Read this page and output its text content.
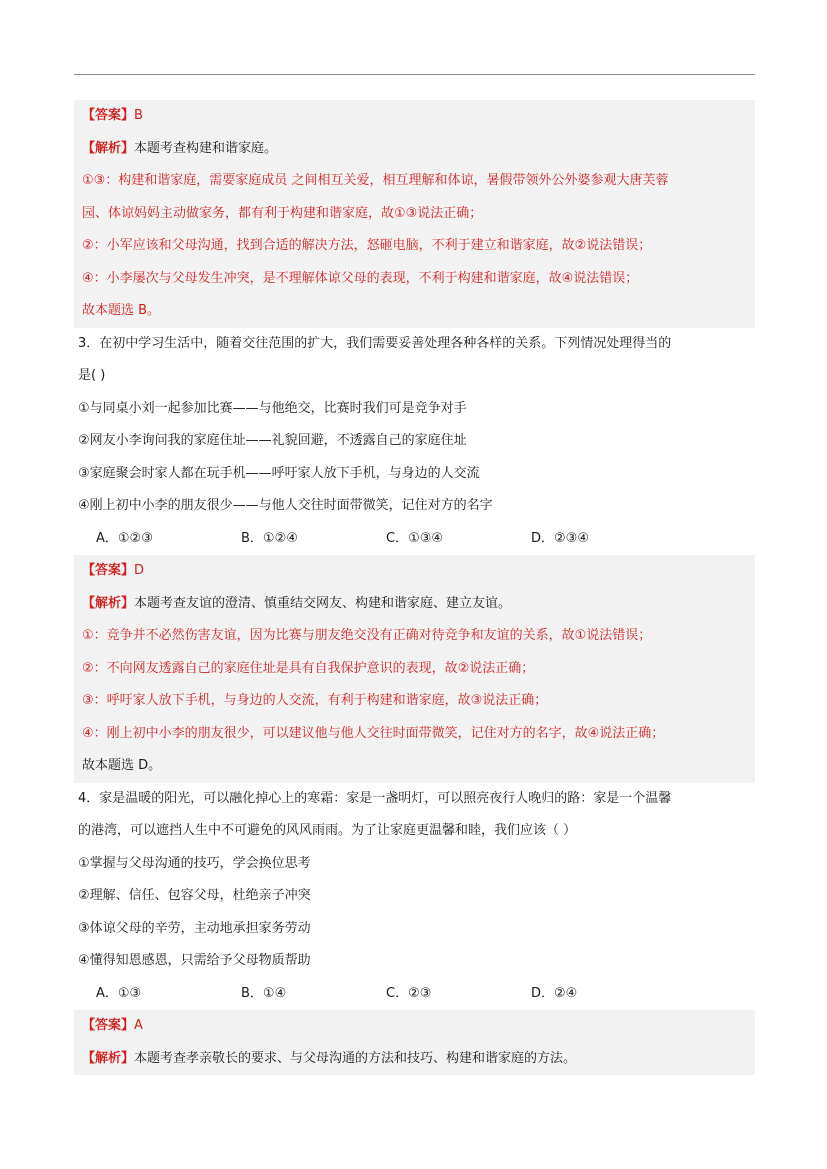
【答案】B
【解析】本题考查构建和谐家庭。
①③：构建和谐家庭，需要家庭成员 之间相互关爱，相互理解和体谅，暑假带领外公外婆参观大唐芙蓉
园、体谅妈妈主动做家务，都有利于构建和谐家庭，故①③说法正确；
②：小军应该和父母沟通，找到合适的解决方法，怒砸电脑，不利于建立和谐家庭，故②说法错误；
④：小李屡次与父母发生冲突，是不理解体谅父母的表现，不利于构建和谐家庭，故④说法错误；
故本题选 B。
3．在初中学习生活中，随着交往范围的扩大，我们需要妥善处理各种各样的关系。下列情况处理得当的
是( )
①与同桌小刘一起参加比赛——与他绝交，比赛时我们可是竞争对手
②网友小李询问我的家庭住址——礼貌回避，不透露自己的家庭住址
③家庭聚会时家人都在玩手机——呼吁家人放下手机，与身边的人交流
④刚上初中小李的朋友很少——与他人交往时面带微笑，记住对方的名字
A．①②③	B．①②④	C．①③④	D．②③④
【答案】D
【解析】本题考查友谊的澄清、慎重结交网友、构建和谐家庭、建立友谊。
①：竞争并不必然伤害友谊，因为比赛与朋友绝交没有正确对待竞争和友谊的关系，故①说法错误；
②：不向网友透露自己的家庭住址是具有自我保护意识的表现，故②说法正确；
③：呼吁家人放下手机，与身边的人交流，有利于构建和谐家庭，故③说法正确；
④：刚上初中小李的朋友很少，可以建议他与他人交往时面带微笑，记住对方的名字，故④说法正确；
故本题选 D。
4．家是温暖的阳光，可以融化掉心上的寒霜：家是一盏明灯，可以照亮夜行人晚归的路：家是一个温馨
的港湾，可以遮挡人生中不可避免的风风雨雨。为了让家庭更温馨和睦，我们应该（ ）
①掌握与父母沟通的技巧，学会换位思考
②理解、信任、包容父母，杜绝亲子冲突
③体谅父母的辛劳，主动地承担家务劳动
④懂得知恩感恩，只需给予父母物质帮助
A．①③	B．①④	C．②③	D．②④
【答案】A
【解析】本题考查孝亲敬长的要求、与父母沟通的方法和技巧、构建和谐家庭的方法。
